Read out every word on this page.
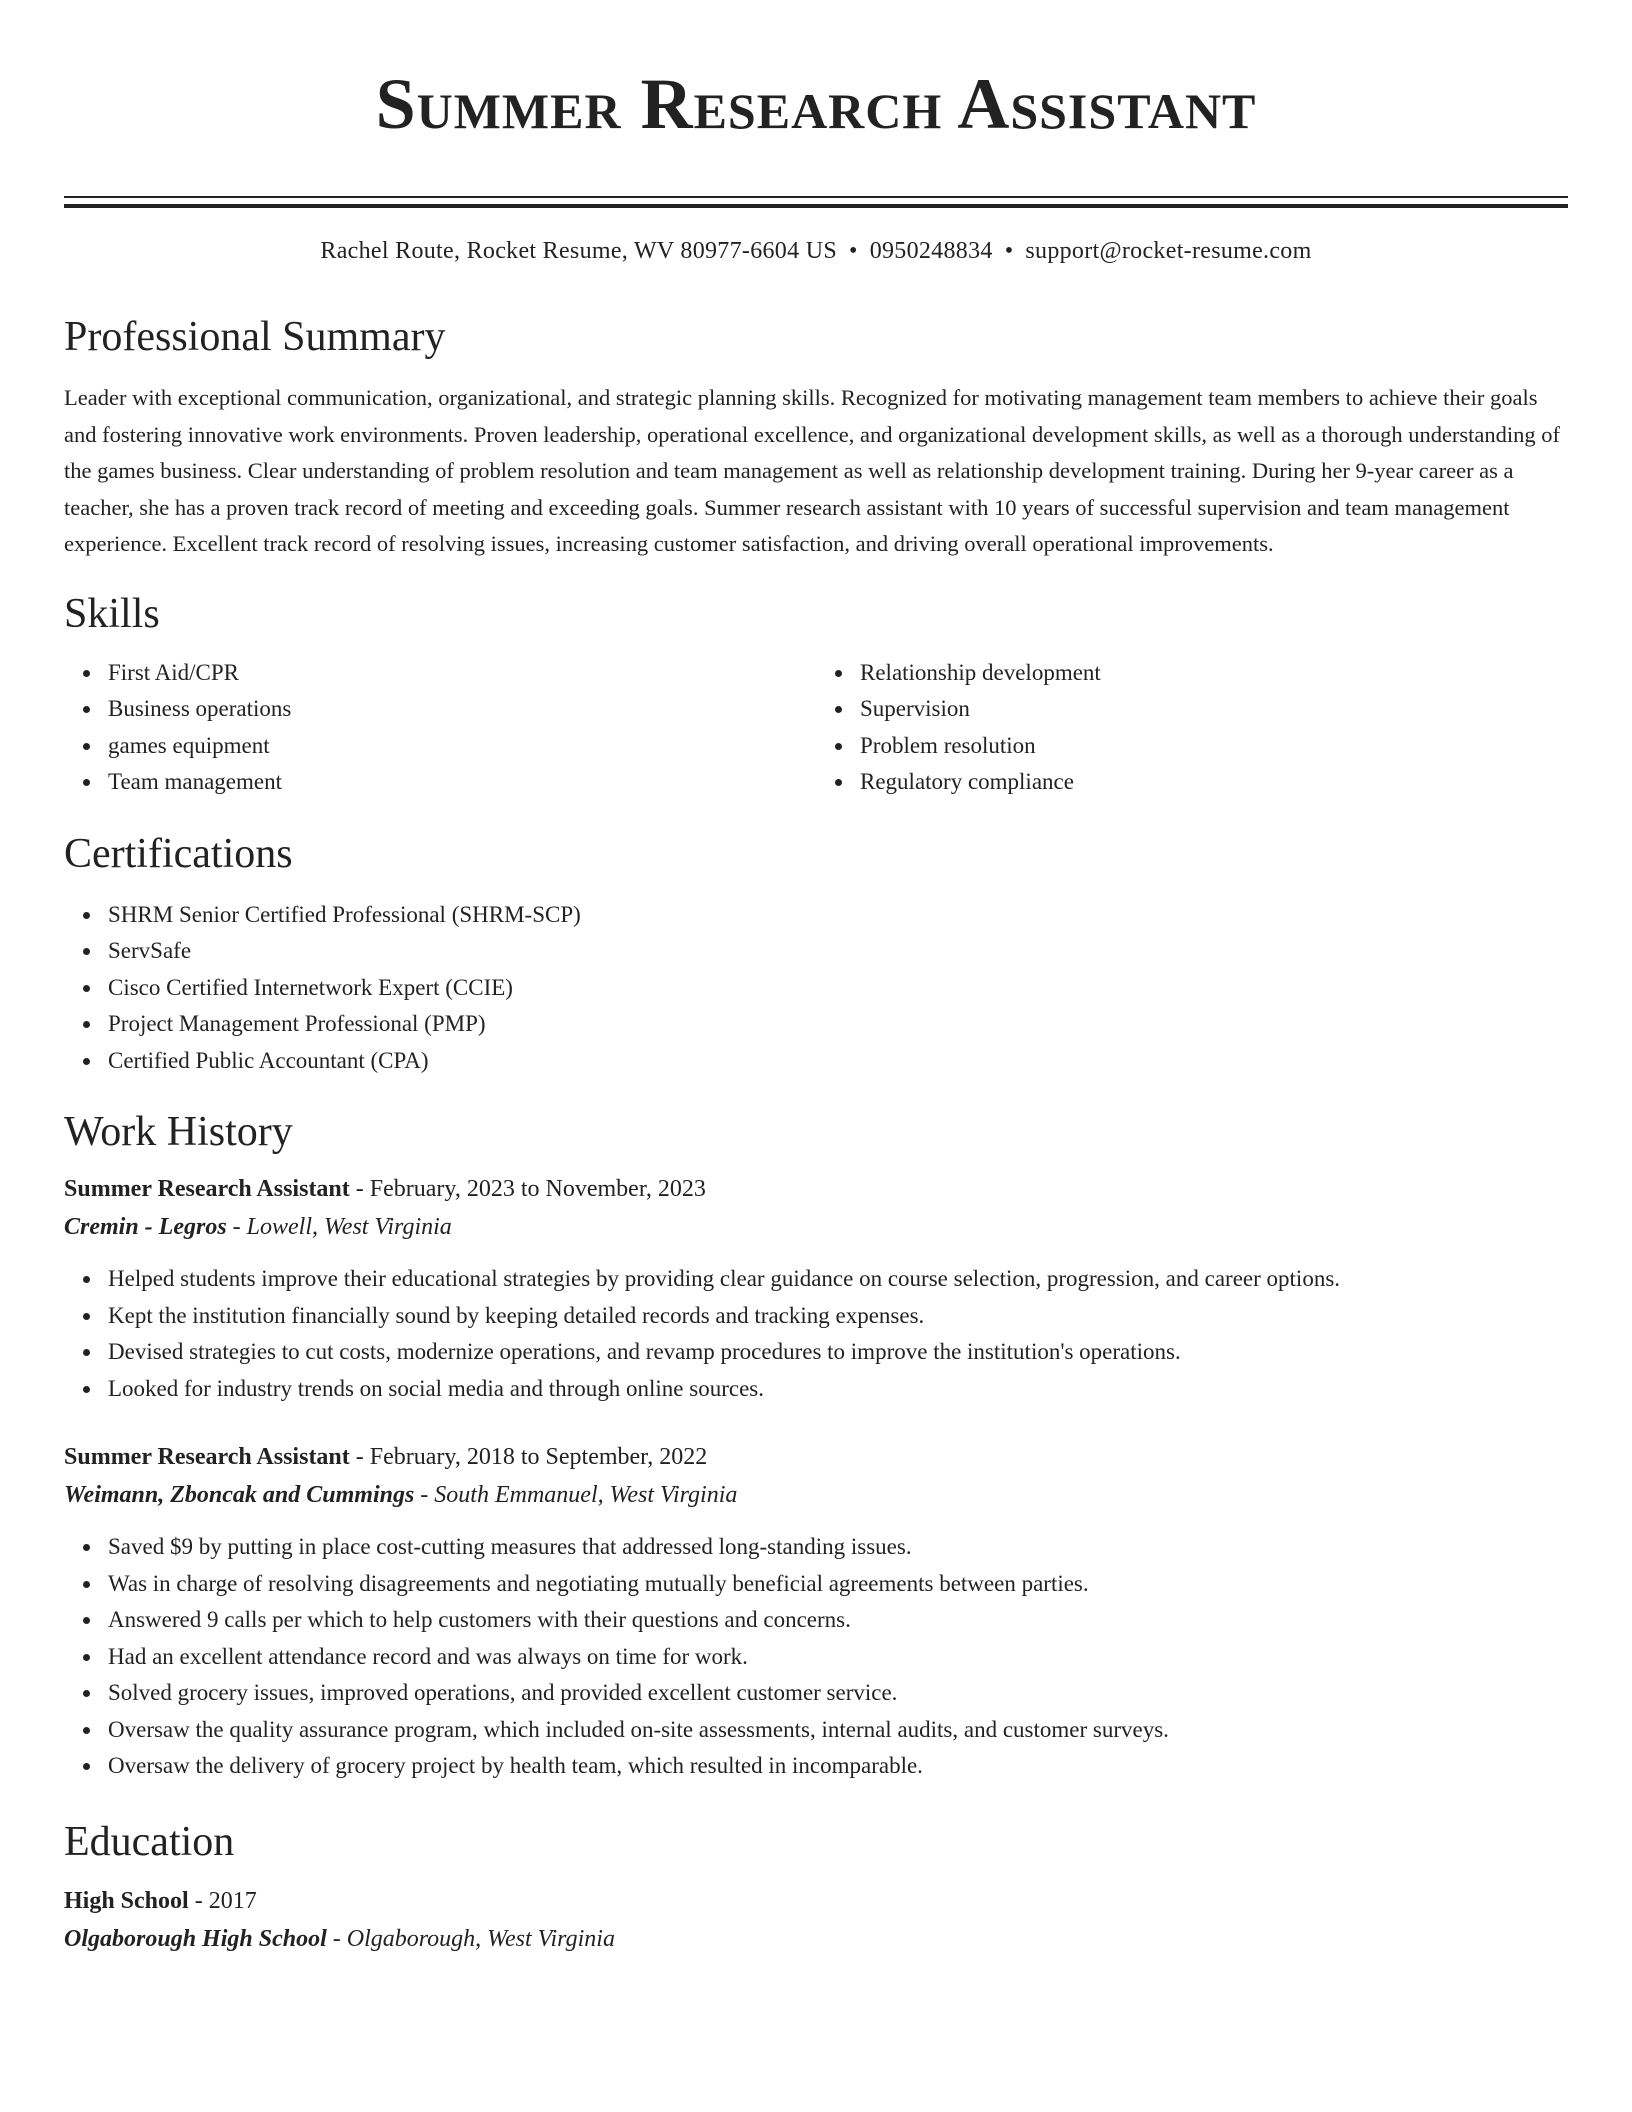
Summer Research Assistant
Rachel Route, Rocket Resume, WV 80977-6604 US • 0950248834 • support@rocket-resume.com
Professional Summary

Leader with exceptional communication, organizational, and strategic planning skills. Recognized for motivating management team members to achieve their goals and fostering innovative work environments. Proven leadership, operational excellence, and organizational development skills, as well as a thorough understanding of the games business. Clear understanding of problem resolution and team management as well as relationship development training. During her 9-year career as a teacher, she has a proven track record of meeting and exceeding goals. Summer research assistant with 10 years of successful supervision and team management experience. Excellent track record of resolving issues, increasing customer satisfaction, and driving overall operational improvements.

Skills
First Aid/CPR
Business operations
games equipment
Team management
Relationship development
Supervision
Problem resolution
Regulatory compliance
Certifications
SHRM Senior Certified Professional (SHRM-SCP)
ServSafe
Cisco Certified Internetwork Expert (CCIE)
Project Management Professional (PMP)
Certified Public Accountant (CPA)
Work History
Summer Research Assistant - February, 2023 to November, 2023
Cremin - Legros - Lowell, West Virginia
Helped students improve their educational strategies by providing clear guidance on course selection, progression, and career options.
Kept the institution financially sound by keeping detailed records and tracking expenses.
Devised strategies to cut costs, modernize operations, and revamp procedures to improve the institution's operations.
Looked for industry trends on social media and through online sources.
Summer Research Assistant - February, 2018 to September, 2022
Weimann, Zboncak and Cummings - South Emmanuel, West Virginia
Saved $9 by putting in place cost-cutting measures that addressed long-standing issues.
Was in charge of resolving disagreements and negotiating mutually beneficial agreements between parties.
Answered 9 calls per which to help customers with their questions and concerns.
Had an excellent attendance record and was always on time for work.
Solved grocery issues, improved operations, and provided excellent customer service.
Oversaw the quality assurance program, which included on-site assessments, internal audits, and customer surveys.
Oversaw the delivery of grocery project by health team, which resulted in incomparable.
Education
High School - 2017
Olgaborough High School - Olgaborough, West Virginia
